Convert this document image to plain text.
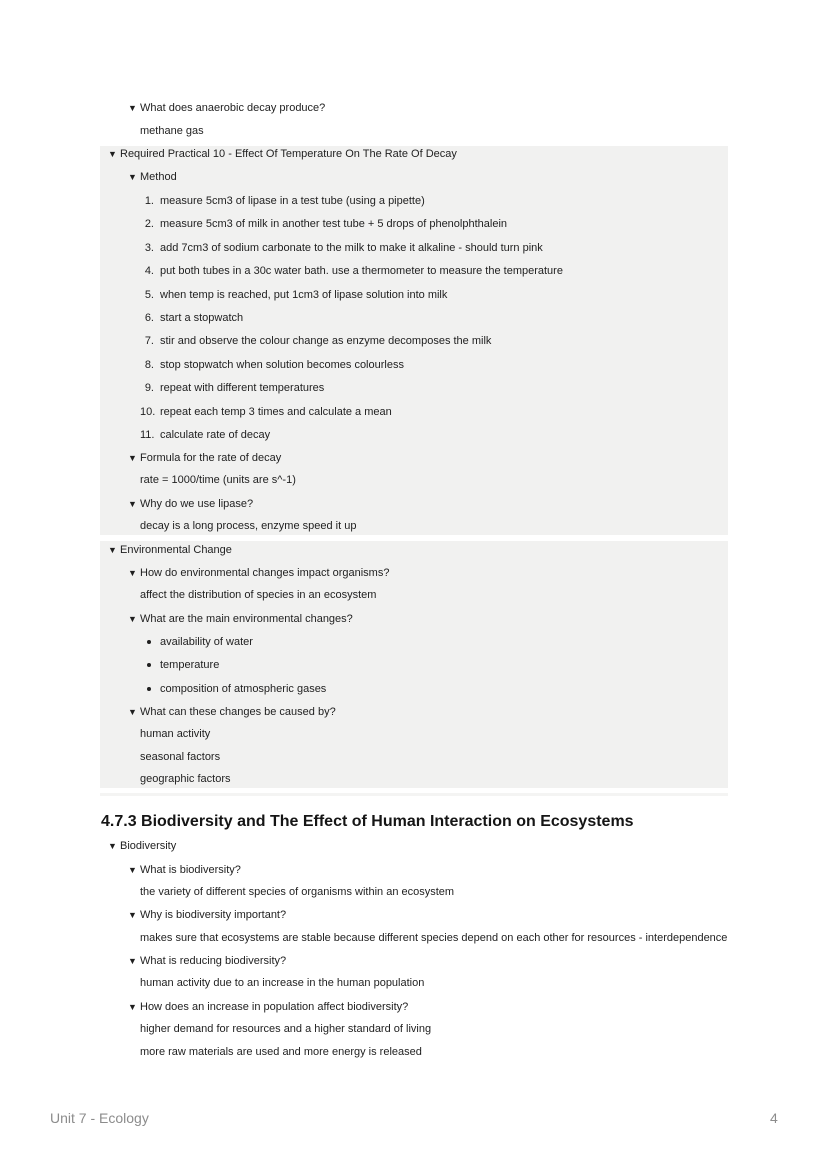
▼ What does anaerobic decay produce?
methane gas
▼ Required Practical 10 - Effect Of Temperature On The Rate Of Decay
▼ Method
1. measure 5cm3 of lipase in a test tube (using a pipette)
2. measure 5cm3 of milk in another test tube + 5 drops of phenolphthalein
3. add 7cm3 of sodium carbonate to the milk to make it alkaline - should turn pink
4. put both tubes in a 30c water bath. use a thermometer to measure the temperature
5. when temp is reached, put 1cm3 of lipase solution into milk
6. start a stopwatch
7. stir and observe the colour change as enzyme decomposes the milk
8. stop stopwatch when solution becomes colourless
9. repeat with different temperatures
10. repeat each temp 3 times and calculate a mean
11. calculate rate of decay
▼ Formula for the rate of decay
rate = 1000/time (units are s^-1)
▼ Why do we use lipase?
decay is a long process, enzyme speed it up
▼ Environmental Change
▼ How do environmental changes impact organisms?
affect the distribution of species in an ecosystem
▼ What are the main environmental changes?
availability of water
temperature
composition of atmospheric gases
▼ What can these changes be caused by?
human activity
seasonal factors
geographic factors
4.7.3 Biodiversity and The Effect of Human Interaction on Ecosystems
▼ Biodiversity
▼ What is biodiversity?
the variety of different species of organisms within an ecosystem
▼ Why is biodiversity important?
makes sure that ecosystems are stable because different species depend on each other for resources - interdependence
▼ What is reducing biodiversity?
human activity due to an increase in the human population
▼ How does an increase in population affect biodiversity?
higher demand for resources and a higher standard of living
more raw materials are used and more energy is released
Unit 7 - Ecology	4
